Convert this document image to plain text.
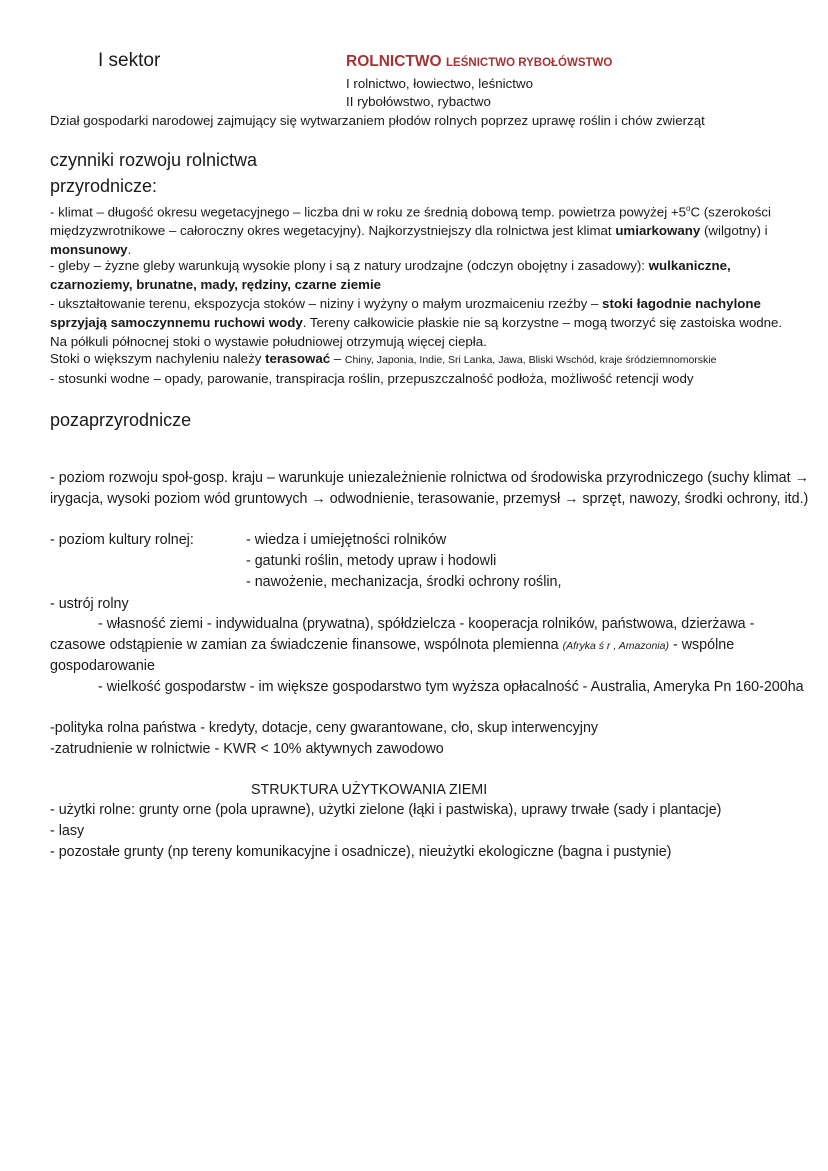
I sektor	ROLNICTWO LEŚNICTWO RYBOŁÓWSTWO
I rolnictwo, łowiectwo, leśnictwo
II rybołówstwo, rybactwo
Dział gospodarki narodowej zajmujący się wytwarzaniem płodów rolnych poprzez uprawę roślin i chów zwierząt
czynniki rozwoju rolnictwa
przyrodnicze:
- klimat – długość okresu wegetacyjnego – liczba dni w roku ze średnią dobową temp. powietrza powyżej $+5^oC$ (szerokości międzyzwrotnikowe – całoroczny okres wegetacyjny). Najkorzystniejszy dla rolnictwa jest klimat umiarkowany (wilgotny) i monsunowy.
- gleby – żyzne gleby warunkują wysokie plony i są z natury urodzajne (odczyn obojętny i zasadowy): wulkaniczne, czarnoziemy, brunatne, mady, rędziny, czarne ziemie
- ukształtowanie terenu, ekspozycja stoków – niziny i wyżyny o małym urozmaiceniu rzeźby – stoki łagodnie nachylone sprzyjają samoczynnemu ruchowi wody. Tereny całkowicie płaskie nie są korzystne – mogą tworzyć się zastoiska wodne. Na półkuli północnej stoki o wystawie południowej otrzymują więcej ciepła.
Stoki o większym nachyleniu należy terasować – Chiny, Japonia, Indie, Sri Lanka, Jawa, Bliski Wschód, kraje śródziemnomorskie
- stosunki wodne – opady, parowanie, transpiracja roślin, przepuszczalność podłoża, możliwość retencji wody
pozaprzyrodnicze
- poziom rozwoju społ-gosp. kraju – warunkuje uniezależnienie rolnictwa od środowiska przyrodniczego (suchy klimat → irygacja, wysoki poziom wód gruntowych → odwodnienie, terasowanie, przemysł → sprzęt, nawozy, środki ochrony, itd.)
- poziom kultury rolnej:	- wiedza i umiejętności rolników
- gatunki roślin, metody upraw i hodowli
- nawożenie, mechanizacja, środki ochrony roślin,
- ustrój rolny
- własność ziemi - indywidualna (prywatna), spółdzielcza - kooperacja rolników, państwowa, dzierżawa - czasowe odstąpienie w zamian za świadczenie finansowe, wspólnota plemienna (Afryka ś r , Amazonia) - wspólne gospodarowanie
- wielkość gospodarstw - im większe gospodarstwo tym wyższa opłacalność - Australia, Ameryka Pn 160-200ha
-polityka rolna państwa - kredyty, dotacje, ceny gwarantowane, cło, skup interwencyjny
-zatrudnienie w rolnictwie - KWR < 10% aktywnych zawodowo
STRUKTURA UŻYTKOWANIA ZIEMI
- użytki rolne: grunty orne (pola uprawne), użytki zielone (łąki i pastwiska), uprawy trwałe (sady i plantacje)
- lasy
- pozostałe grunty (np tereny komunikacyjne i osadnicze), nieużytki ekologiczne (bagna i pustynie)
